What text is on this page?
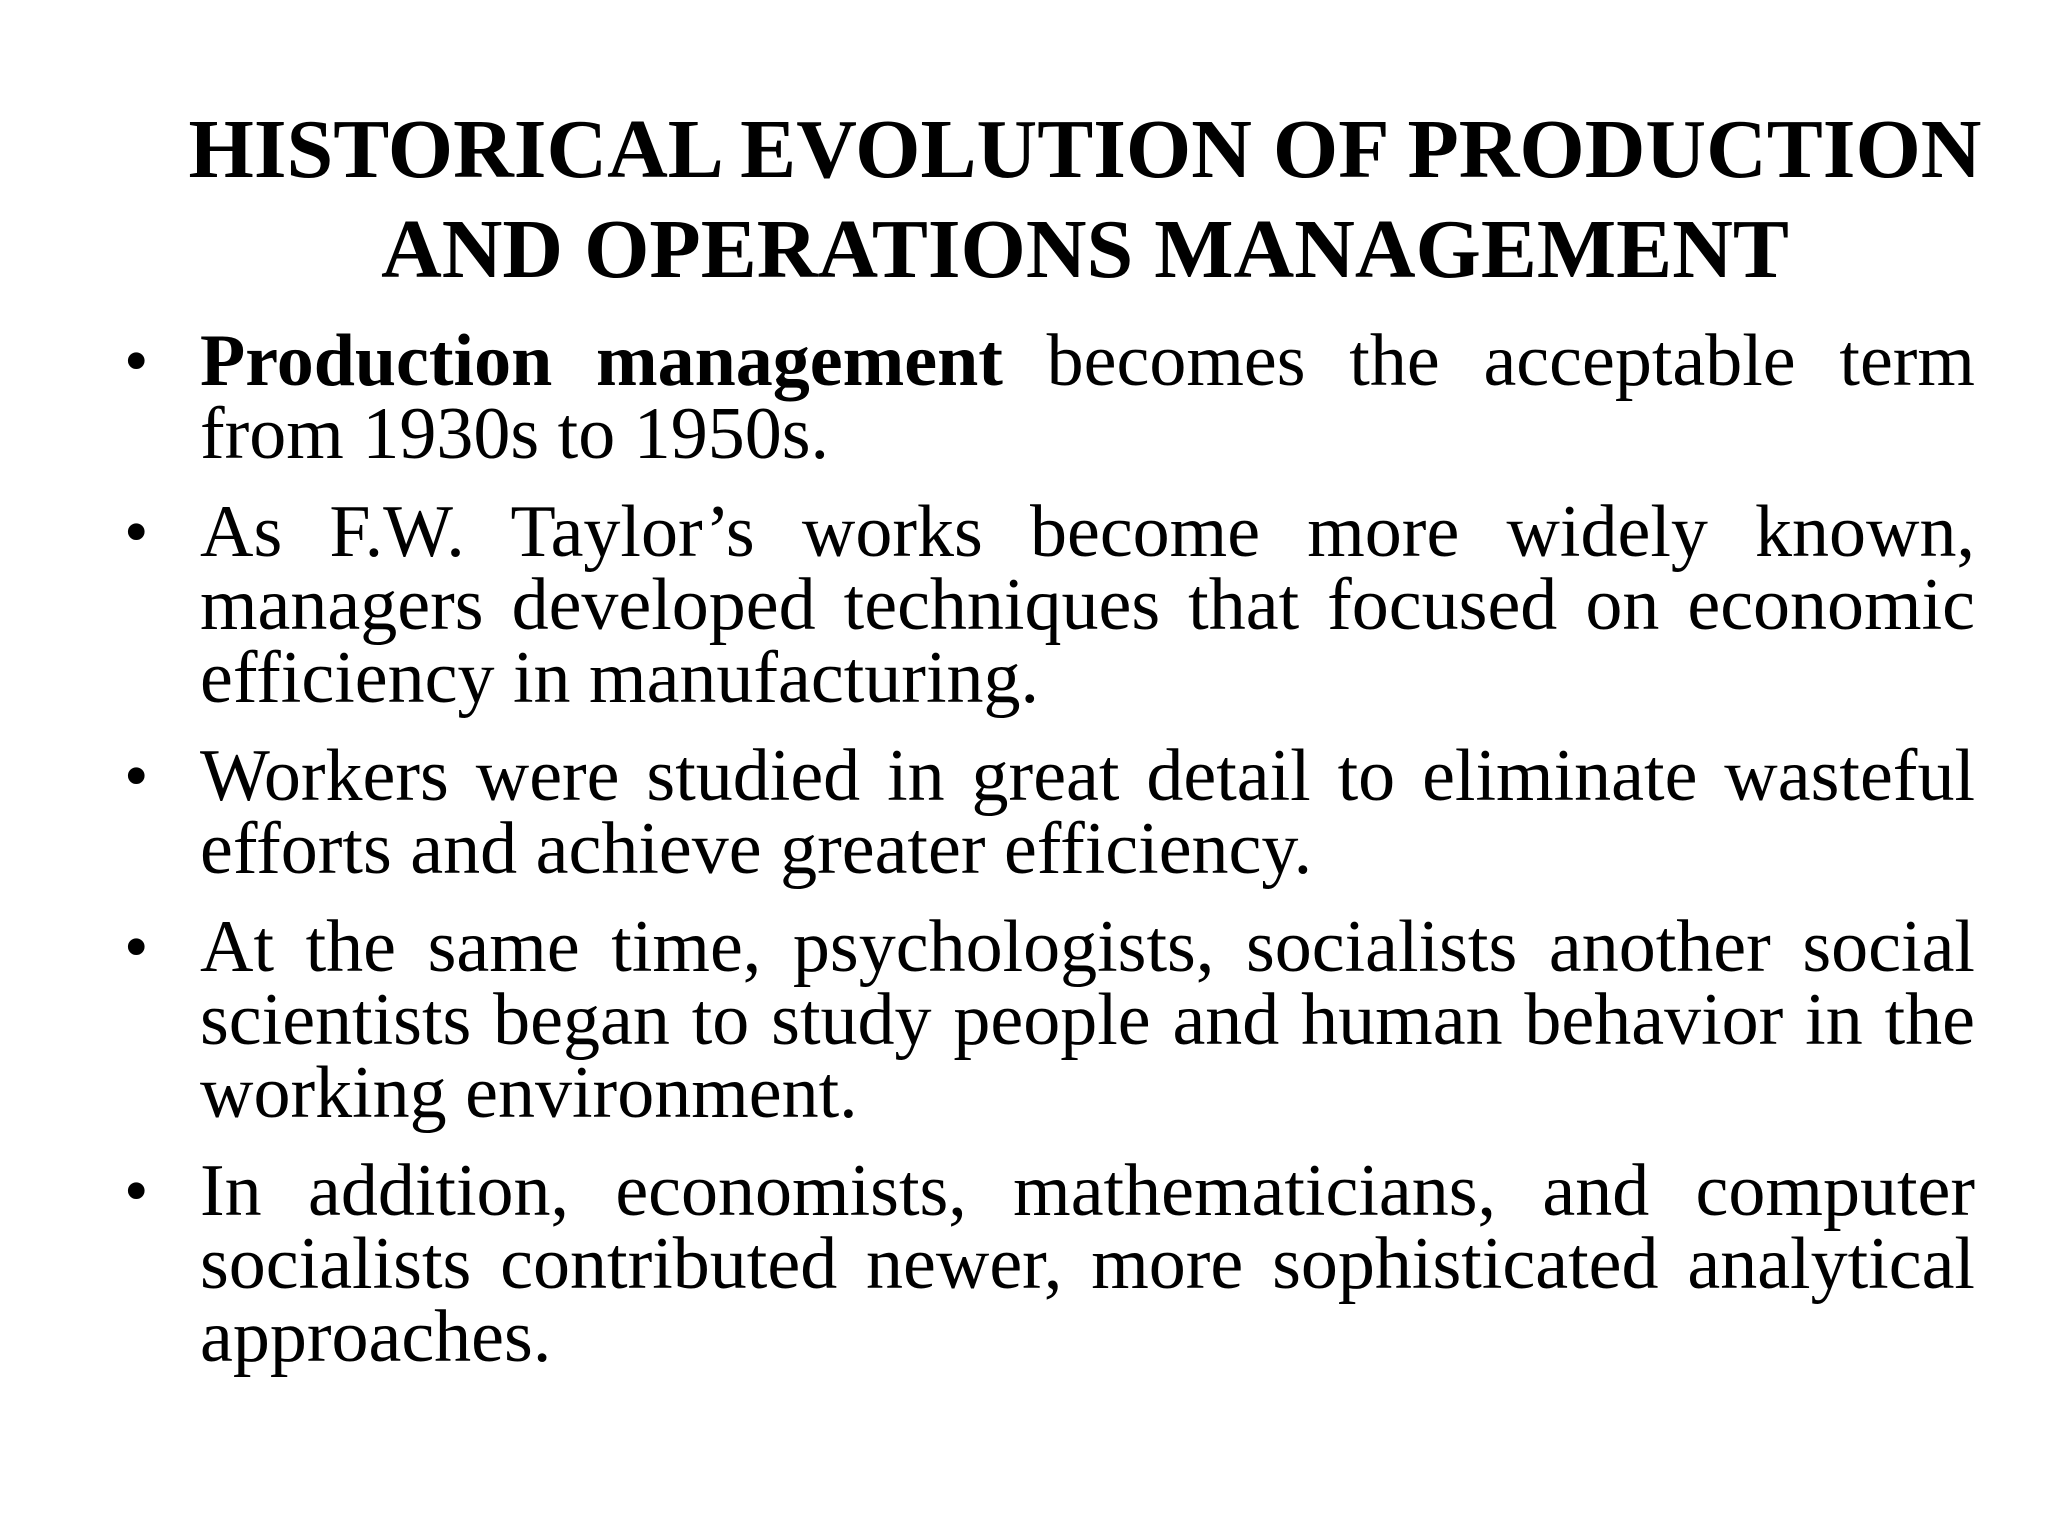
HISTORICAL EVOLUTION OF PRODUCTION
AND OPERATIONS MANAGEMENT
• Production management becomes the acceptable term from 1930s to 1950s.
• As F.W. Taylor’s works become more widely known, managers developed techniques that focused on economic efficiency in manufacturing.
• Workers were studied in great detail to eliminate wasteful efforts and achieve greater efficiency.
• At the same time, psychologists, socialists another social scientists began to study people and human behavior in the working environment.
• In addition, economists, mathematicians, and computer socialists contributed newer, more sophisticated analytical approaches.
